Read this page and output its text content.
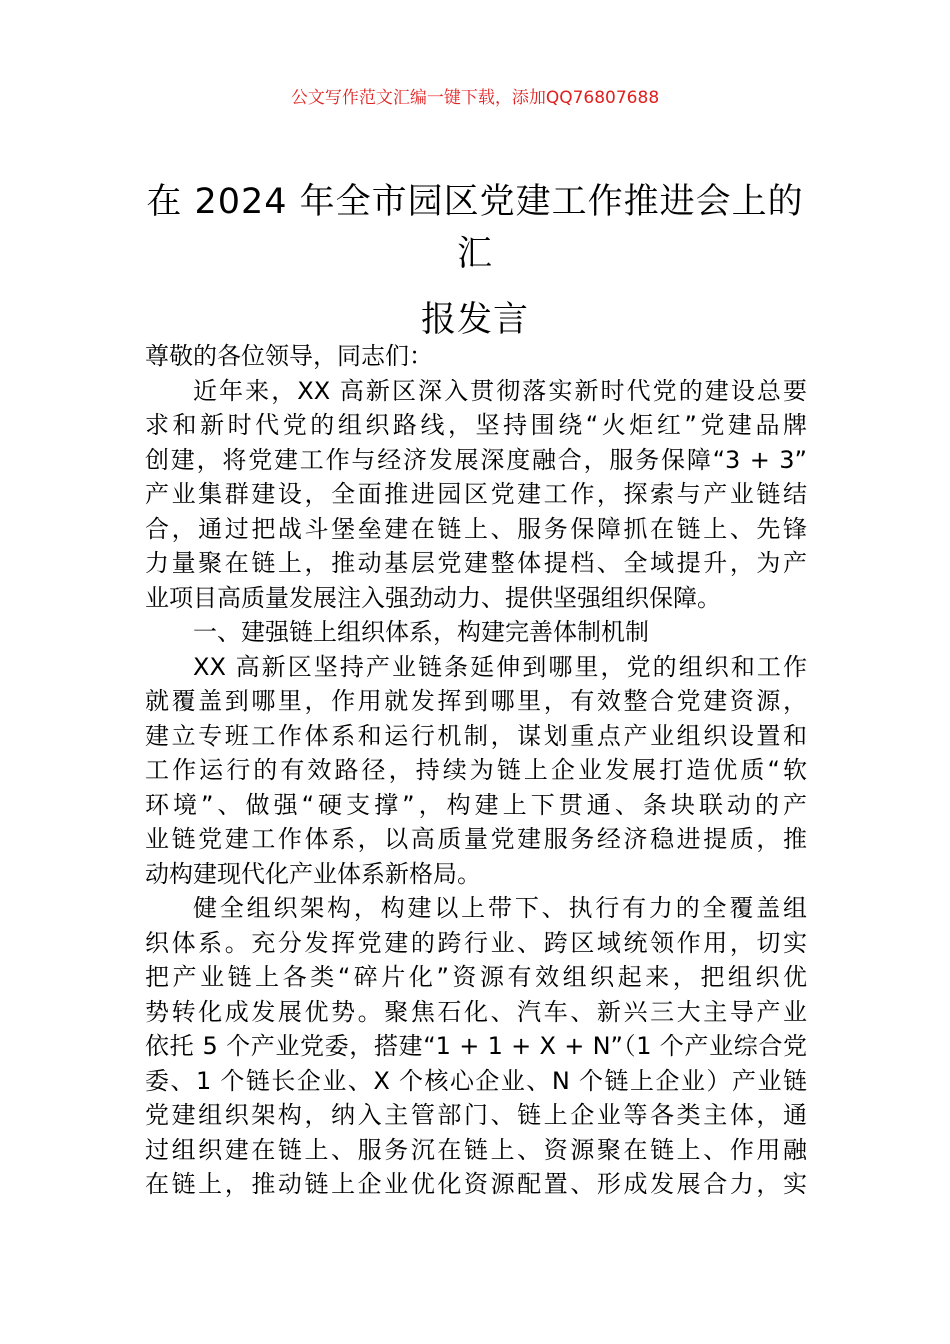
公文写作范文汇编一键下载，添加QQ76807688
在 2024 年全市园区党建工作推进会上的汇
报发言
尊敬的各位领导，同志们：
近年来，XX 高新区深入贯彻落实新时代党的建设总要
求和新时代党的组织路线，坚持围绕“火炬红”党建品牌
创建，将党建工作与经济发展深度融合，服务保障“3 + 3”
产业集群建设，全面推进园区党建工作，探索与产业链结
合，通过把战斗堡垒建在链上、服务保障抓在链上、先锋
力量聚在链上，推动基层党建整体提档、全域提升，为产
业项目高质量发展注入强劲动力、提供坚强组织保障。
一、建强链上组织体系，构建完善体制机制
XX 高新区坚持产业链条延伸到哪里，党的组织和工作
就覆盖到哪里，作用就发挥到哪里，有效整合党建资源，
建立专班工作体系和运行机制，谋划重点产业组织设置和
工作运行的有效路径，持续为链上企业发展打造优质“软
环境”、做强“硬支撑”，构建上下贯通、条块联动的产
业链党建工作体系，以高质量党建服务经济稳进提质，推
动构建现代化产业体系新格局。
健全组织架构，构建以上带下、执行有力的全覆盖组
织体系。充分发挥党建的跨行业、跨区域统领作用，切实
把产业链上各类“碎片化”资源有效组织起来，把组织优
势转化成发展优势。聚焦石化、汽车、新兴三大主导产业
依托 5 个产业党委，搭建“1 + 1 + X + N”（1 个产业综合党
委、1 个链长企业、X 个核心企业、N 个链上企业）产业链
党建组织架构，纳入主管部门、链上企业等各类主体，通
过组织建在链上、服务沉在链上、资源聚在链上、作用融
在链上，推动链上企业优化资源配置、形成发展合力，实
